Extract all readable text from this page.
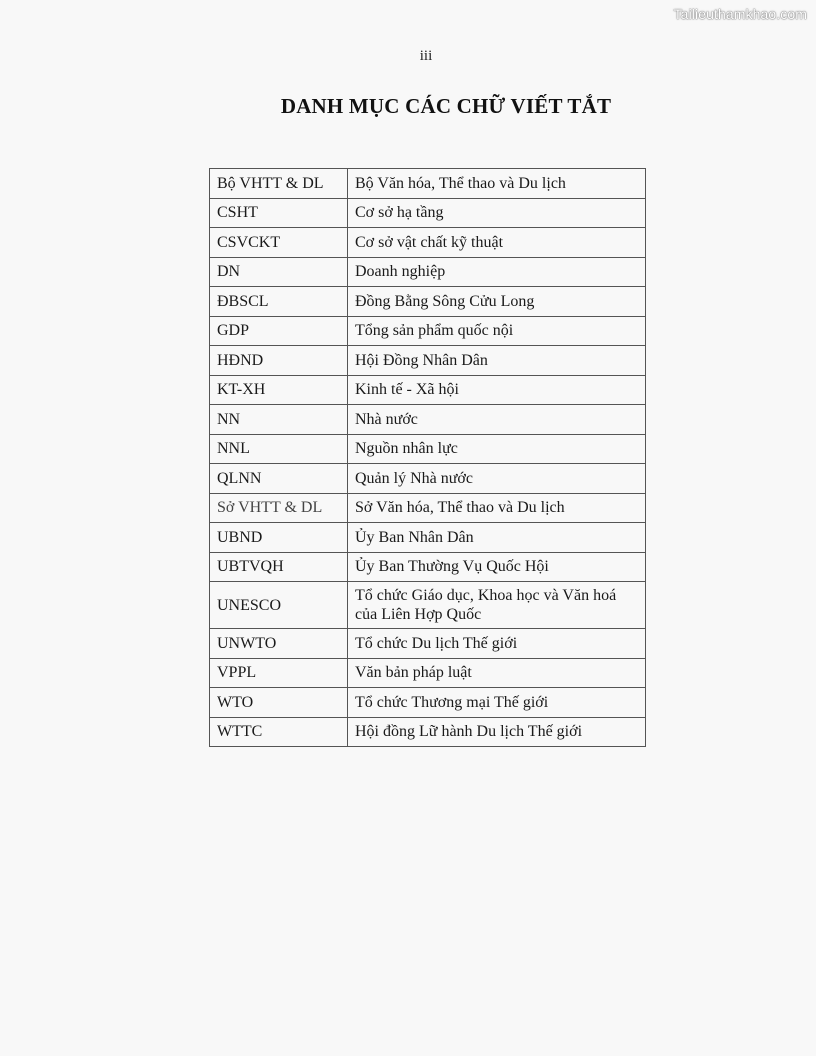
Tailieuthamkhao.com
iii
DANH MỤC CÁC CHỮ VIẾT TẮT
Bộ VHTT & DL	Bộ Văn hóa, Thể thao và Du lịch
CSHT	Cơ sở hạ tầng
CSVCKT	Cơ sở vật chất kỹ thuật
DN	Doanh nghiệp
ĐBSCL	Đồng Bằng Sông Cửu Long
GDP	Tổng sản phẩm quốc nội
HĐND	Hội Đồng Nhân Dân
KT-XH	Kinh tế - Xã hội
NN	Nhà nước
NNL	Nguồn nhân lực
QLNN	Quản lý Nhà nước
Sở VHTT & DL	Sở Văn hóa, Thể thao và Du lịch
UBND	Ủy Ban Nhân Dân
UBTVQH	Ủy Ban Thường Vụ Quốc Hội
UNESCO	Tổ chức Giáo dục, Khoa học và Văn hoá của Liên Hợp Quốc
UNWTO	Tổ chức Du lịch Thế giới
VPPL	Văn bản pháp luật
WTO	Tổ chức Thương mại Thế giới
WTTC	Hội đồng Lữ hành Du lịch Thế giới
